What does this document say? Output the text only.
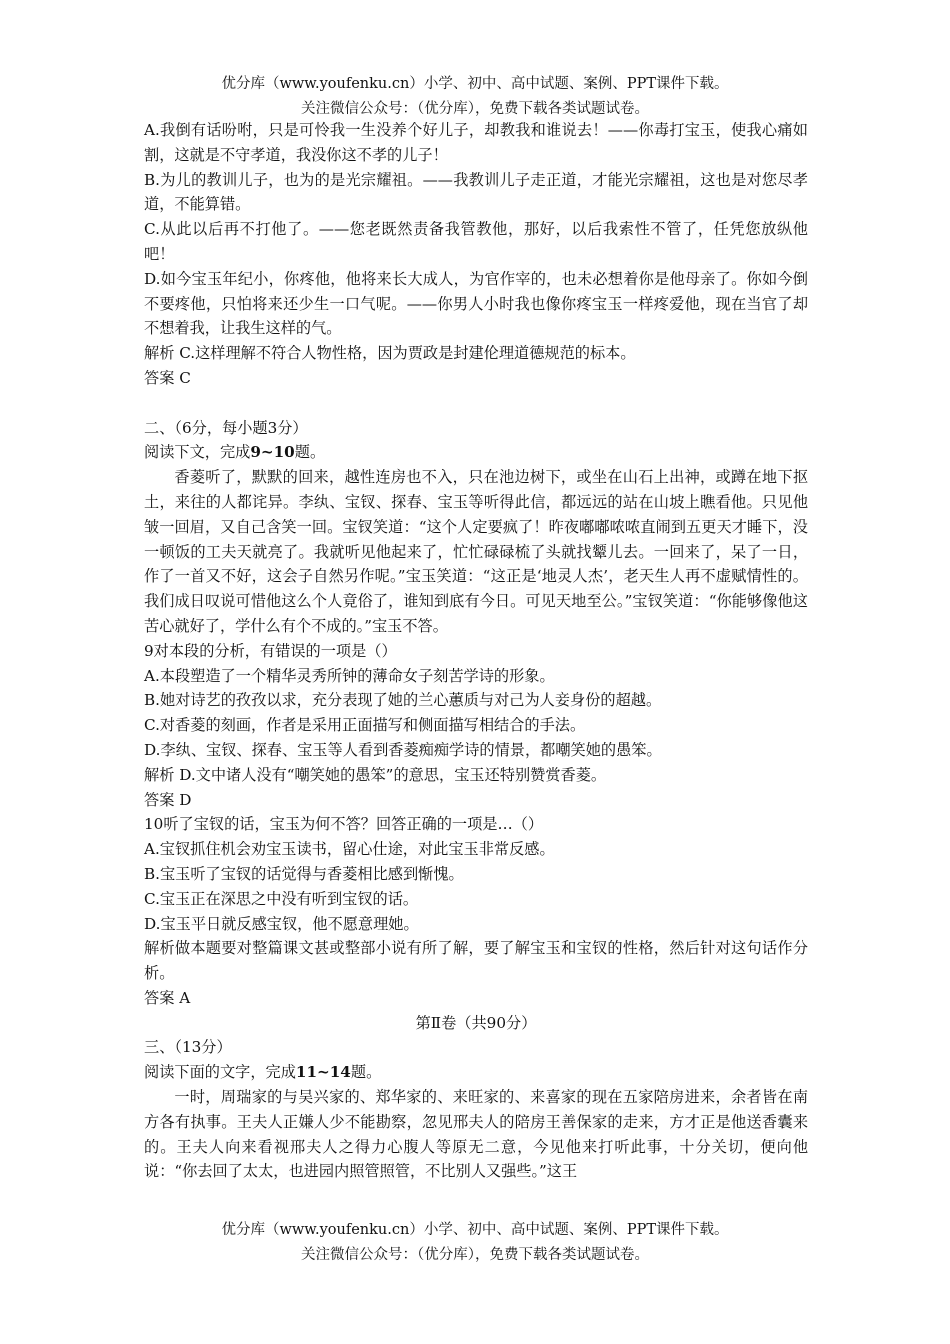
优分库（www.youfenku.cn）小学、初中、高中试题、案例、PPT课件下载。
关注微信公众号：（优分库），免费下载各类试题试卷。

A.我倒有话吩咐，只是可怜我一生没养个好儿子，却教我和谁说去！——你毒打宝玉，使我心痛如割，这就是不守孝道，我没你这不孝的儿子！

B.为儿的教训儿子，也为的是光宗耀祖。——我教训儿子走正道，才能光宗耀祖，这也是对您尽孝道，不能算错。

C.从此以后再不打他了。——您老既然责备我管教他，那好，以后我索性不管了，任凭您放纵他吧！

D.如今宝玉年纪小，你疼他，他将来长大成人，为官作宰的，也未必想着你是他母亲了。你如今倒不要疼他，只怕将来还少生一口气呢。——你男人小时我也像你疼宝玉一样疼爱他，现在当官了却不想着我，让我生这样的气。

解析 C.这样理解不符合人物性格，因为贾政是封建伦理道德规范的标本。

答案 C

二、（6分，每小题3分）

阅读下文，完成9~10题。

香菱听了，默默的回来，越性连房也不入，只在池边树下，或坐在山石上出神，或蹲在地下抠土，来往的人都诧异。李纨、宝钗、探春、宝玉等听得此信，都远远的站在山坡上瞧看他。只见他皱一回眉，又自己含笑一回。宝钗笑道：“这个人定要疯了！昨夜嘟嘟哝哝直闹到五更天才睡下，没一顿饭的工夫天就亮了。我就听见他起来了，忙忙碌碌梳了头就找颦儿去。一回来了，呆了一日，作了一首又不好，这会子自然另作呢。”宝玉笑道：“这正是‘地灵人杰’，老天生人再不虚赋情性的。我们成日叹说可惜他这么个人竟俗了，谁知到底有今日。可见天地至公。”宝钗笑道：“你能够像他这苦心就好了，学什么有个不成的。”宝玉不答。

9对本段的分析，有错误的一项是（）

A.本段塑造了一个精华灵秀所钟的薄命女子刻苦学诗的形象。

B.她对诗艺的孜孜以求，充分表现了她的兰心蕙质与对己为人妾身份的超越。

C.对香菱的刻画，作者是采用正面描写和侧面描写相结合的手法。

D.李纨、宝钗、探春、宝玉等人看到香菱痴痴学诗的情景，都嘲笑她的愚笨。

解析 D.文中诸人没有“嘲笑她的愚笨”的意思，宝玉还特别赞赏香菱。

答案 D

10听了宝钗的话，宝玉为何不答？回答正确的一项是…（）

A.宝钗抓住机会劝宝玉读书，留心仕途，对此宝玉非常反感。

B.宝玉听了宝钗的话觉得与香菱相比感到惭愧。

C.宝玉正在深思之中没有听到宝钗的话。

D.宝玉平日就反感宝钗，他不愿意理她。

解析做本题要对整篇课文甚或整部小说有所了解，要了解宝玉和宝钗的性格，然后针对这句话作分析。

答案 A

第Ⅱ卷（共90分）

三、（13分）

阅读下面的文字，完成11~14题。

一时，周瑞家的与吴兴家的、郑华家的、来旺家的、来喜家的现在五家陪房进来，余者皆在南方各有执事。王夫人正嫌人少不能勘察，忽见邢夫人的陪房王善保家的走来，方才正是他送香囊来的。王夫人向来看视邢夫人之得力心腹人等原无二意，今见他来打听此事，十分关切，便向他说：“你去回了太太，也进园内照管照管，不比别人又强些。”这王

优分库（www.youfenku.cn）小学、初中、高中试题、案例、PPT课件下载。
关注微信公众号：（优分库），免费下载各类试题试卷。
